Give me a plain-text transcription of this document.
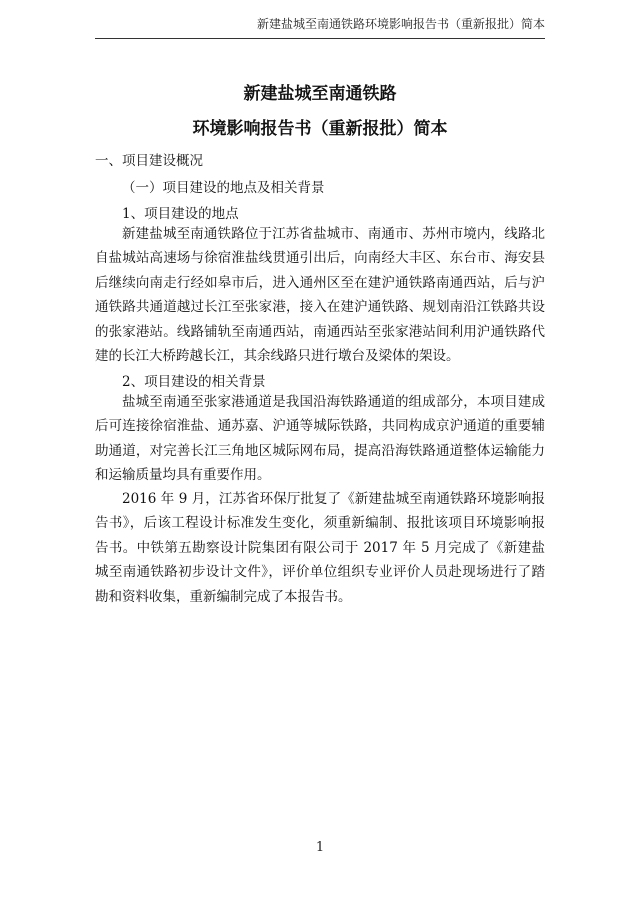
新建盐城至南通铁路环境影响报告书（重新报批）简本
新建盐城至南通铁路
环境影响报告书（重新报批）简本
一、项目建设概况
（一）项目建设的地点及相关背景
1、项目建设的地点

新建盐城至南通铁路位于江苏省盐城市、南通市、苏州市境内，线路北自盐城站高速场与徐宿淮盐线贯通引出后，向南经大丰区、东台市、海安县后继续向南走行经如皋市后，进入通州区至在建沪通铁路南通西站，后与沪通铁路共通道越过长江至张家港，接入在建沪通铁路、规划南沿江铁路共设的张家港站。线路铺轨至南通西站，南通西站至张家港站间利用沪通铁路代建的长江大桥跨越长江，其余线路只进行墩台及梁体的架设。

2、项目建设的相关背景

盐城至南通至张家港通道是我国沿海铁路通道的组成部分，本项目建成后可连接徐宿淮盐、通苏嘉、沪通等城际铁路，共同构成京沪通道的重要辅助通道，对完善长江三角地区城际网布局，提高沿海铁路通道整体运输能力和运输质量均具有重要作用。

2016 年 9 月，江苏省环保厅批复了《新建盐城至南通铁路环境影响报告书》，后该工程设计标准发生变化，须重新编制、报批该项目环境影响报告书。中铁第五勘察设计院集团有限公司于 2017 年 5 月完成了《新建盐城至南通铁路初步设计文件》，评价单位组织专业评价人员赴现场进行了踏勘和资料收集，重新编制完成了本报告书。

1
